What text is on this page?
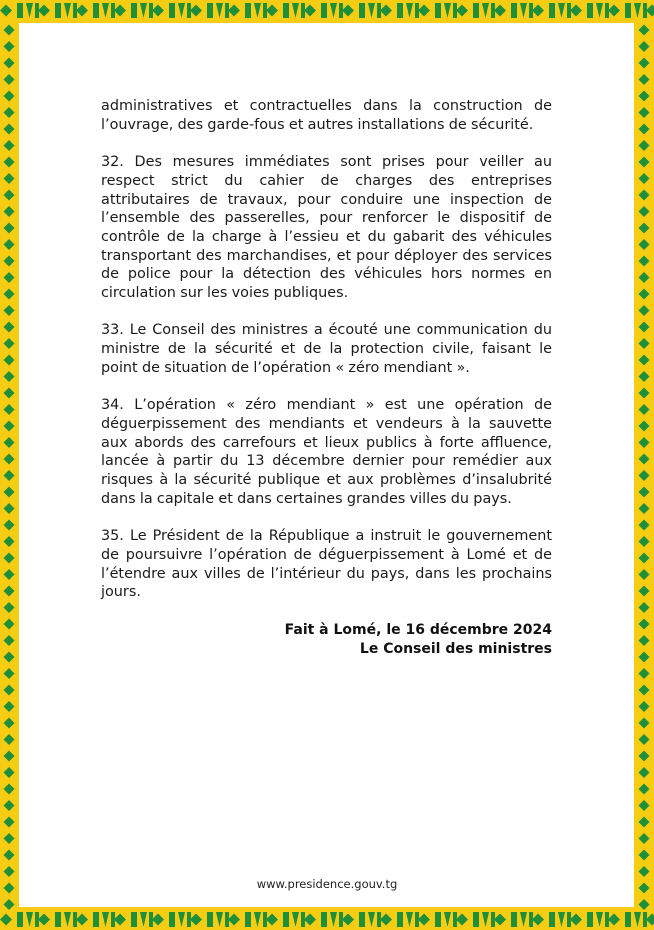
administratives et contractuelles dans la construction de l’ouvrage, des garde-fous et autres installations de sécurité.

32. Des mesures immédiates sont prises pour veiller au respect strict du cahier de charges des entreprises attributaires de travaux, pour conduire une inspection de l’ensemble des passerelles, pour renforcer le dispositif de contrôle de la charge à l’essieu et du gabarit des véhicules transportant des marchandises, et pour déployer des services de police pour la détection des véhicules hors normes en circulation sur les voies publiques.

33. Le Conseil des ministres a écouté une communication du ministre de la sécurité et de la protection civile, faisant le point de situation de l’opération « zéro mendiant ».

34. L’opération « zéro mendiant » est une opération de déguerpissement des mendiants et vendeurs à la sauvette aux abords des carrefours et lieux publics à forte affluence, lancée à partir du 13 décembre dernier pour remédier aux risques à la sécurité publique et aux problèmes d’insalubrité dans la capitale et dans certaines grandes villes du pays.

35. Le Président de la République a instruit le gouvernement de poursuivre l’opération de déguerpissement à Lomé et de l’étendre aux villes de l’intérieur du pays, dans les prochains jours.

Fait à Lomé, le 16 décembre 2024
Le Conseil des ministres
www.presidence.gouv.tg
